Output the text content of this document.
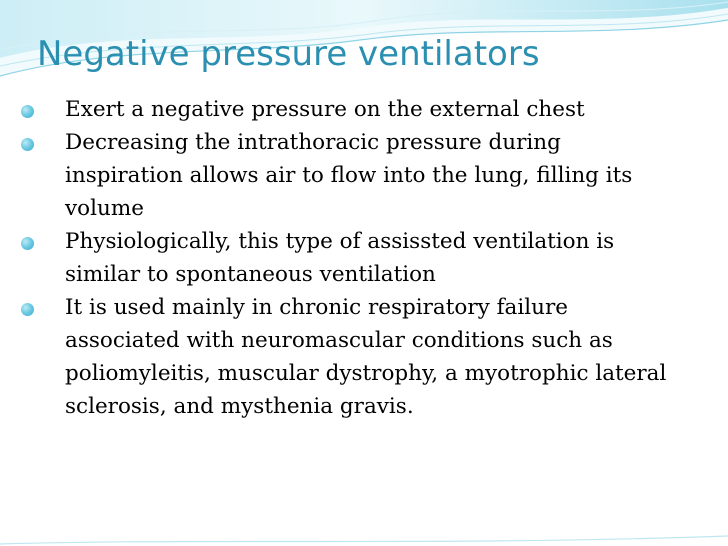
Negative pressure ventilators
Exert a negative pressure on the external chest
Decreasing the intrathoracic pressure during inspiration allows air to flow into the lung, filling its volume
Physiologically, this type of assissted ventilation is similar to spontaneous ventilation
It is used mainly in chronic respiratory failure associated with neuromascular conditions such as poliomyleitis, muscular dystrophy, a myotrophic lateral sclerosis, and mysthenia gravis.
